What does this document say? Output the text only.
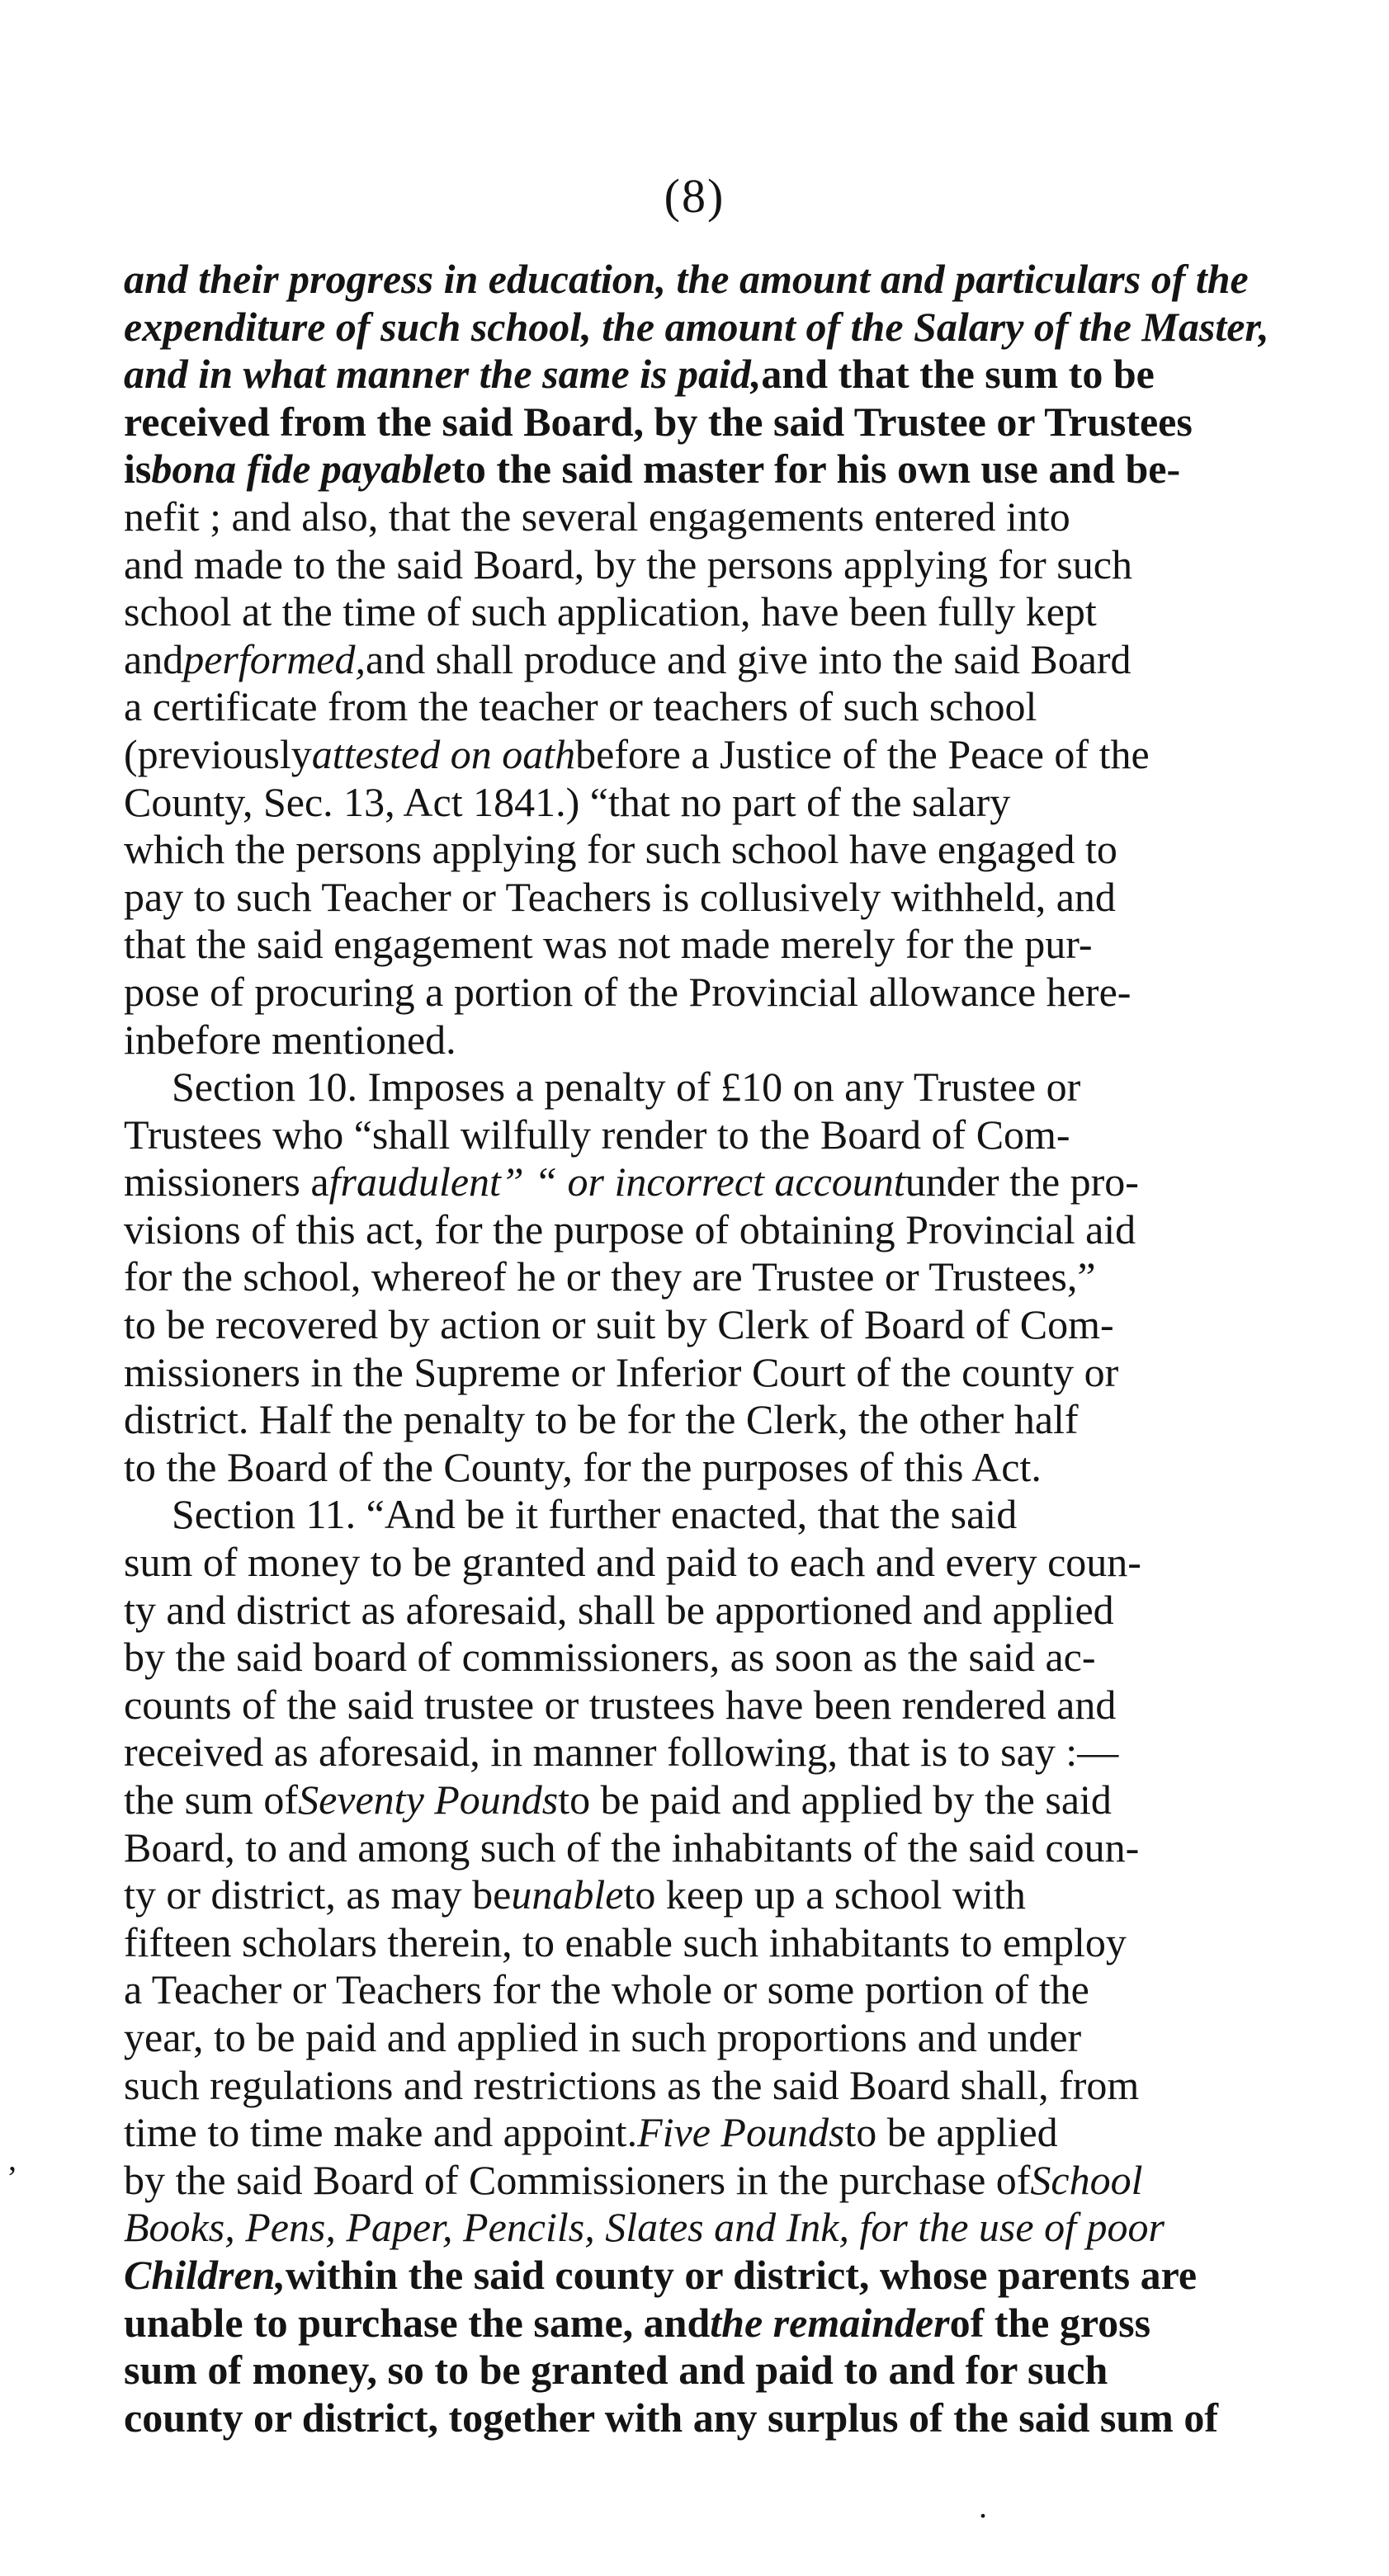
(8)
and their progress in education, the amount and particulars of the
expenditure of such school, the amount of the Salary of the Master,
and in what manner the same is paid,and that the sum to be
received from the said Board, by the said Trustee or Trustees
isbona fide payableto the said master for his own use and be-
nefit ; and also, that the several engagements entered into
and made to the said Board, by the persons applying for such
school at the time of such application, have been fully kept
andperformed,and shall produce and give into the said Board
a certificate from the teacher or teachers of such school
(previouslyattested on oathbefore a Justice of the Peace of the
County, Sec. 13, Act 1841.) “that no part of the salary
which the persons applying for such school have engaged to
pay to such Teacher or Teachers is collusively withheld, and
that the said engagement was not made merely for the pur-
pose of procuring a portion of the Provincial allowance here-
inbefore mentioned.
Section 10. Imposes a penalty of £10 on any Trustee or
Trustees who “shall wilfully render to the Board of Com-
missioners afraudulent” “ or incorrect accountunder the pro-
visions of this act, for the purpose of obtaining Provincial aid
for the school, whereof he or they are Trustee or Trustees,”
to be recovered by action or suit by Clerk of Board of Com-
missioners in the Supreme or Inferior Court of the county or
district. Half the penalty to be for the Clerk, the other half
to the Board of the County, for the purposes of this Act.
Section 11. “And be it further enacted, that the said
sum of money to be granted and paid to each and every coun-
ty and district as aforesaid, shall be apportioned and applied
by the said board of commissioners, as soon as the said ac-
counts of the said trustee or trustees have been rendered and
received as aforesaid, in manner following, that is to say :—
the sum ofSeventy Poundsto be paid and applied by the said
Board, to and among such of the inhabitants of the said coun-
ty or district, as may beunableto keep up a school with
fifteen scholars therein, to enable such inhabitants to employ
a Teacher or Teachers for the whole or some portion of the
year, to be paid and applied in such proportions and under
such regulations and restrictions as the said Board shall, from
time to time make and appoint.Five Poundsto be applied
by the said Board of Commissioners in the purchase ofSchool
Books, Pens, Paper, Pencils, Slates and Ink, for the use of poor
Children,within the said county or district, whose parents are
unable to purchase the same, andthe remainderof the gross
sum of money, so to be granted and paid to and for such
county or district, together with any surplus of the said sum of
ʼ
.
